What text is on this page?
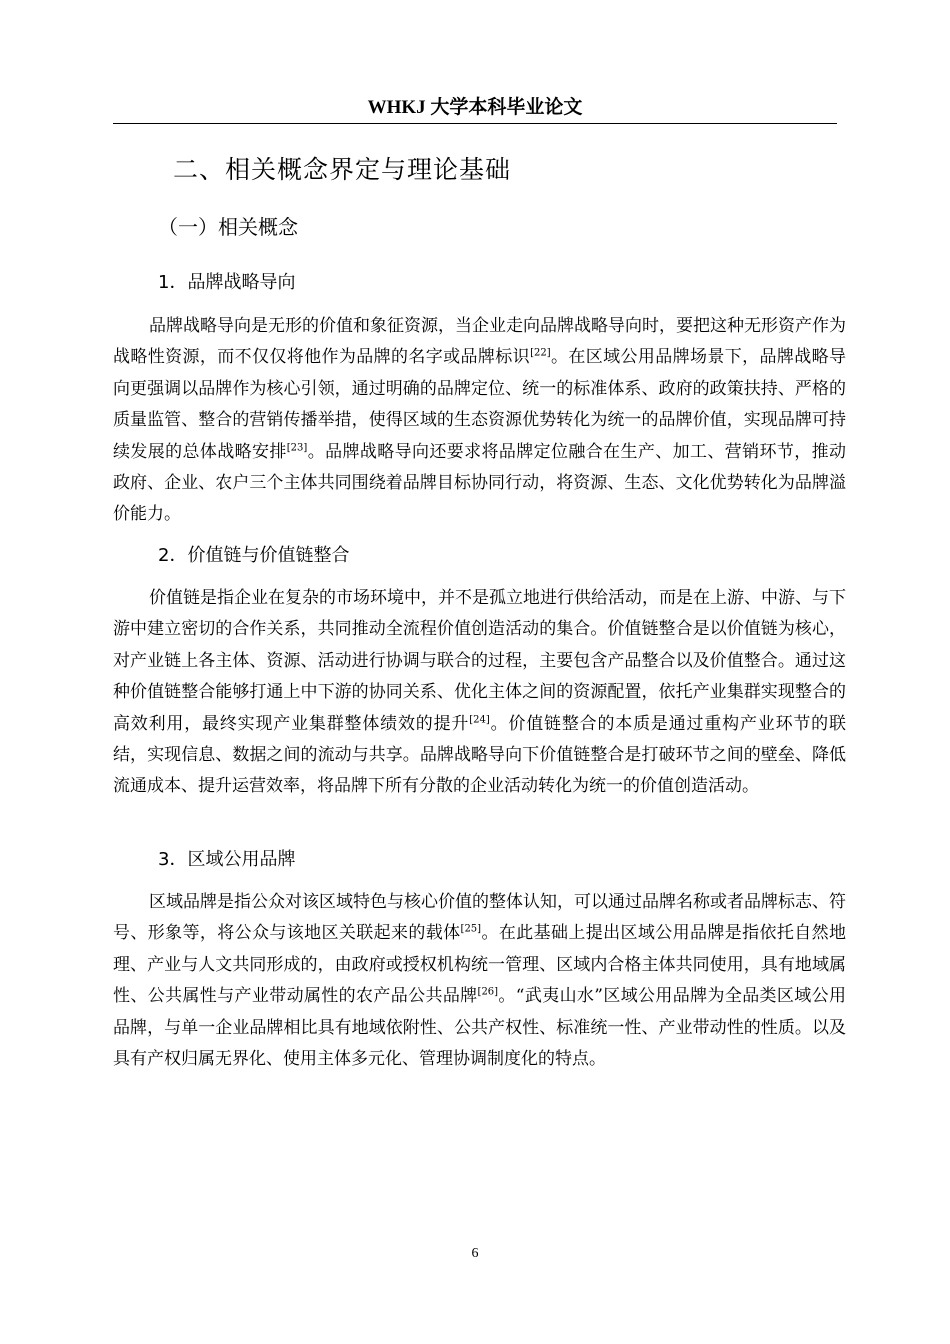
WHKJ 大学本科毕业论文
二、相关概念界定与理论基础
（一）相关概念
1．品牌战略导向

品牌战略导向是无形的价值和象征资源，当企业走向品牌战略导向时，要把这种无形资产作为战略性资源，而不仅仅将他作为品牌的名字或品牌标识[22]。在区域公用品牌场景下，品牌战略导向更强调以品牌作为核心引领，通过明确的品牌定位、统一的标准体系、政府的政策扶持、严格的质量监管、整合的营销传播举措，使得区域的生态资源优势转化为统一的品牌价值，实现品牌可持续发展的总体战略安排[23]。品牌战略导向还要求将品牌定位融合在生产、加工、营销环节，推动政府、企业、农户三个主体共同围绕着品牌目标协同行动，将资源、生态、文化优势转化为品牌溢价能力。

2．价值链与价值链整合

价值链是指企业在复杂的市场环境中，并不是孤立地进行供给活动，而是在上游、中游、与下游中建立密切的合作关系，共同推动全流程价值创造活动的集合。价值链整合是以价值链为核心，对产业链上各主体、资源、活动进行协调与联合的过程，主要包含产品整合以及价值整合。通过这种价值链整合能够打通上中下游的协同关系、优化主体之间的资源配置，依托产业集群实现整合的高效利用，最终实现产业集群整体绩效的提升[24]。价值链整合的本质是通过重构产业环节的联结，实现信息、数据之间的流动与共享。品牌战略导向下价值链整合是打破环节之间的壁垒、降低流通成本、提升运营效率，将品牌下所有分散的企业活动转化为统一的价值创造活动。

3．区域公用品牌

区域品牌是指公众对该区域特色与核心价值的整体认知，可以通过品牌名称或者品牌标志、符号、形象等，将公众与该地区关联起来的载体[25]。在此基础上提出区域公用品牌是指依托自然地理、产业与人文共同形成的，由政府或授权机构统一管理、区域内合格主体共同使用，具有地域属性、公共属性与产业带动属性的农产品公共品牌[26]。“武夷山水”区域公用品牌为全品类区域公用品牌，与单一企业品牌相比具有地域依附性、公共产权性、标准统一性、产业带动性的性质。以及具有产权归属无界化、使用主体多元化、管理协调制度化的特点。

6
